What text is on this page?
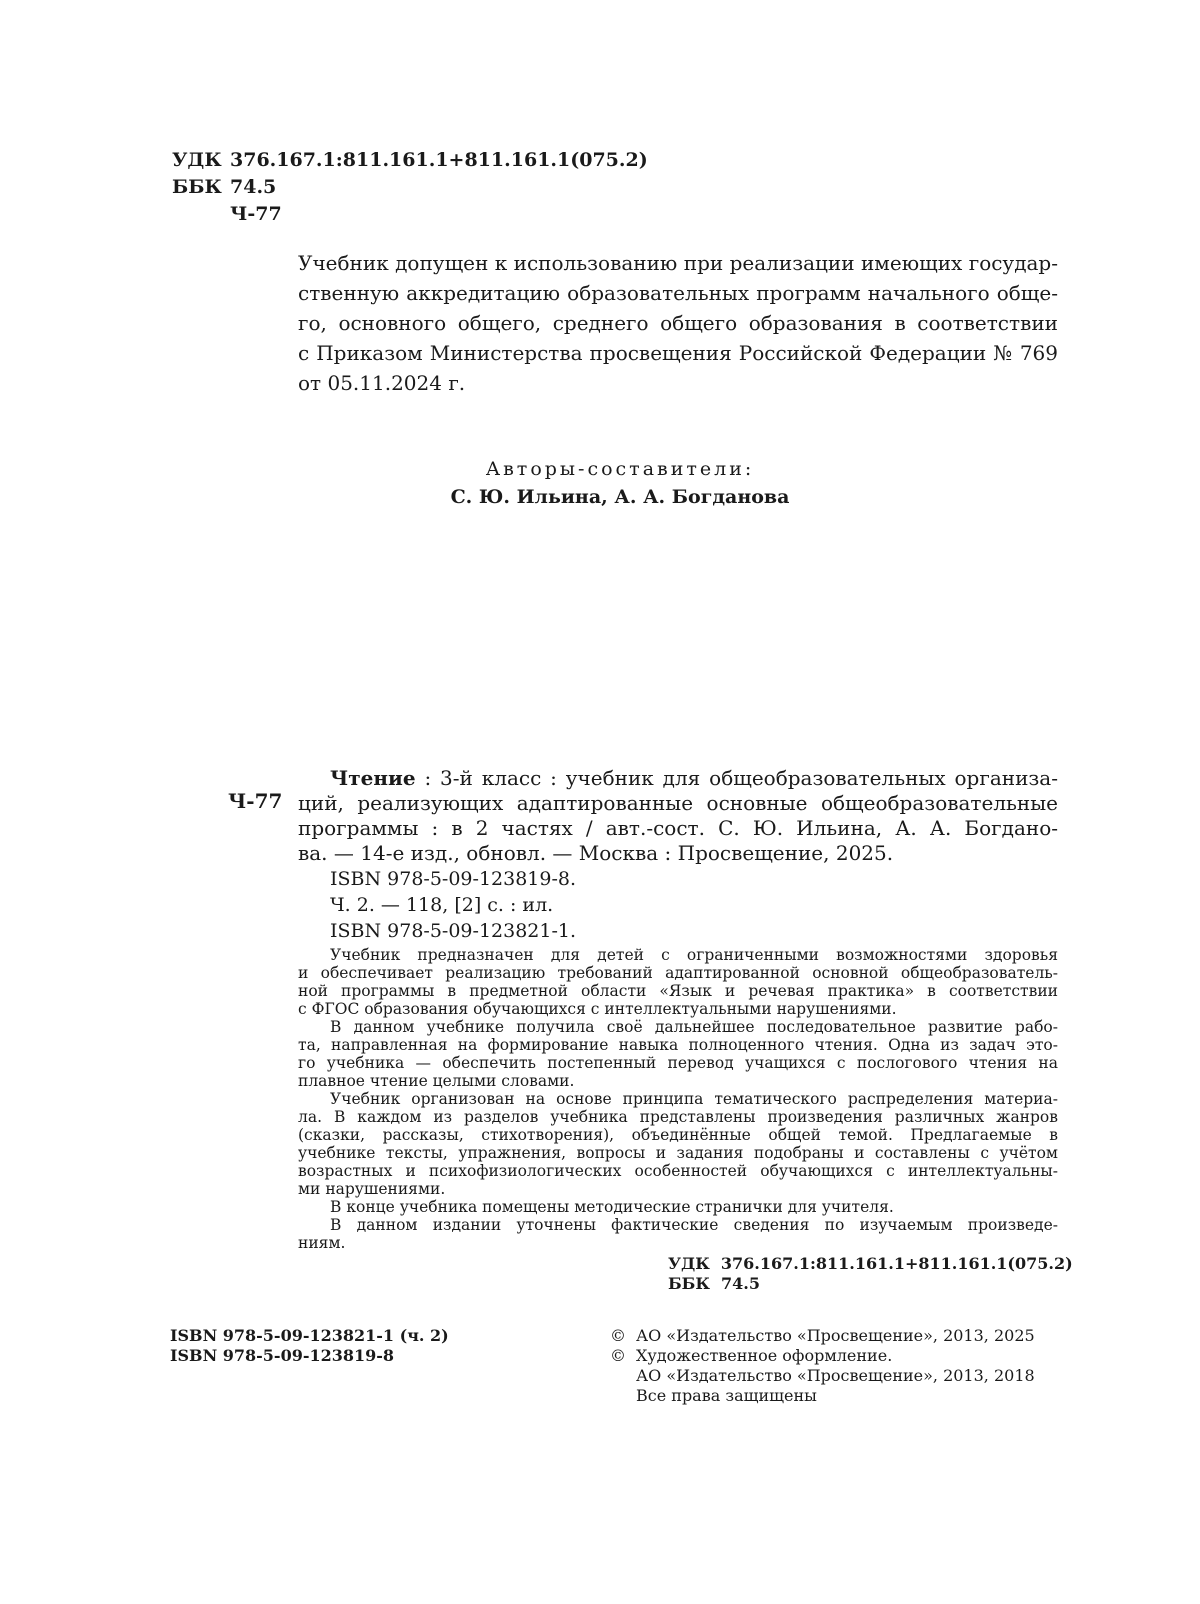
УДК 376.167.1:811.161.1+811.161.1(075.2)
ББК 74.5
Ч-77
Учебник допущен к использованию при реализации имеющих государ-
ственную аккредитацию образовательных программ начального обще-
го, основного общего, среднего общего образования в соответствии
с Приказом Министерства просвещения Российской Федерации № 769
от 05.11.2024 г.
Авторы-составители:
С. Ю. Ильина, А. А. Богданова
Ч-77
Чтение : 3-й класс : учебник для общеобразовательных организа-
ций, реализующих адаптированные основные общеобразовательные
программы : в 2 частях / авт.-сост. С. Ю. Ильина, А. А. Богдано-
ва. — 14-е изд., обновл. — Москва : Просвещение, 2025.
ISBN 978-5-09-123819-8.
Ч. 2. — 118, [2] с. : ил.
ISBN 978-5-09-123821-1.

Учебник предназначен для детей с ограниченными возможностями здоровья
и обеспечивает реализацию требований адаптированной основной общеобразователь-
ной программы в предметной области «Язык и речевая практика» в соответствии
с ФГОС образования обучающихся с интеллектуальными нарушениями.

В данном учебнике получила своё дальнейшее последовательное развитие рабо-
та, направленная на формирование навыка полноценного чтения. Одна из задач это-
го учебника — обеспечить постепенный перевод учащихся с послогового чтения на
плавное чтение целыми словами.

Учебник организован на основе принципа тематического распределения материа-
ла. В каждом из разделов учебника представлены произведения различных жанров
(сказки, рассказы, стихотворения), объединённые общей темой. Предлагаемые в
учебнике тексты, упражнения, вопросы и задания подобраны и составлены с учётом
возрастных и психофизиологических особенностей обучающихся с интеллектуальны-
ми нарушениями.

В конце учебника помещены методические странички для учителя.

В данном издании уточнены фактические сведения по изучаемым произведе-
ниям.

УДК  376.167.1:811.161.1+811.161.1(075.2)
ББК  74.5
ISBN 978-5-09-123821-1 (ч. 2)
ISBN 978-5-09-123819-8
© АО «Издательство «Просвещение», 2013, 2025
© Художественное оформление.
АО «Издательство «Просвещение», 2013, 2018
Все права защищены
